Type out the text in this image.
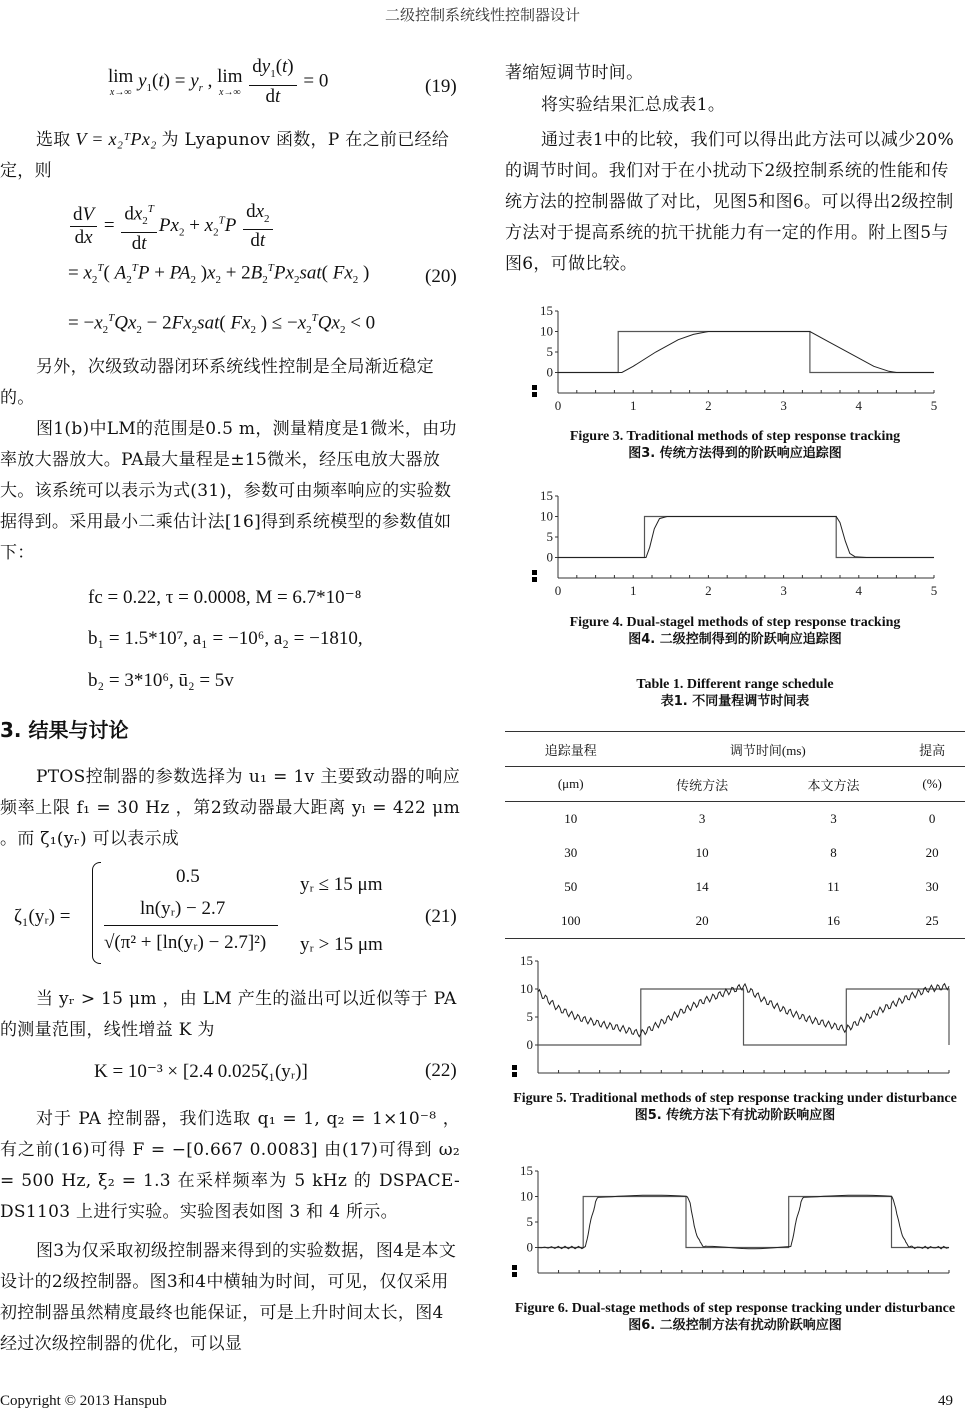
二级控制系统线性控制器设计
lim
x→∞
$y_1(t) = y_r$ , lim
x→∞
$\frac{dy_1(t)}{dt} = 0$	(19)
选取 V = x₂ᵀPx₂ 为 Lyapunov 函数，P 在之前已经给定，则
$\frac{dV}{dx} = \frac{dx_2^T}{dt} Px_2 + x_2^TP \frac{dx_2}{dt}$
= $x_2^T$( $A_2^TP + PA_2$ )$x_2 + 2B_2^TPx_2sat$( $Fx_2$ )	(20)
= $-x_2^TQx_2 - 2Fx_2sat$( $Fx_2$ ) ≤ $-x_2^TQx_2 < 0$
另外，次级致动器闭环系统线性控制是全局渐近稳定的。
图1(b)中LM的范围是0.5 m，测量精度是1微米，由功率放大器放大。PA最大量程是±15微米，经压电放大器放大。该系统可以表示为式(31)，参数可由频率响应的实验数据得到。采用最小二乘估计法[16]得到系统模型的参数值如下：
fc = 0.22, τ = 0.0008, M = 6.7*10⁻⁸
b₁ = 1.5*10⁷, a₁ = −10⁶, a₂ = −1810,
b₂ = 3*10⁶, ū₂ = 5v
3. 结果与讨论
PTOS控制器的参数选择为 u₁ = 1v 主要致动器的响应频率上限 f₁ = 30 Hz ，第2致动器最大距离 yₗ = 422 μm 。而 ζ₁(yᵣ) 可以表示成
ζ₁(yᵣ) =
0.5	yᵣ ≤ 15 μm
ln(yᵣ) − 2.7
√(π² + [ln(yᵣ) − 2.7]²) yᵣ > 15 μm
(21)
当 yᵣ > 15 μm ，由 LM 产生的溢出可以近似等于 PA 的测量范围，线性增益 K 为
K = 10⁻³ × [2.4 0.025ζ₁(yᵣ)]	(22)
对于 PA 控制器，我们选取 q₁ = 1, q₂ = 1×10⁻⁸ ，有之前(16)可得 F = −[0.667 0.0083] 由(17)可得到 ω₂ = 500 Hz, ξ₂ = 1.3 在采样频率为 5 kHz 的 DSPACE-DS1103 上进行实验。实验图表如图 3 和 4 所示。
图3为仅采取初级控制器来得到的实验数据，图4是本文设计的2级控制器。图3和4中横轴为时间，可见，仅仅采用初控制器虽然精度最终也能保证，可是上升时间太长，图4经过次级控制器的优化，可以显
著缩短调节时间。
将实验结果汇总成表1。
通过表1中的比较，我们可以得出此方法可以减少20%的调节时间。我们对于在小扰动下2级控制系统的性能和传统方法的控制器做了对比，见图5和图6。可以得出2级控制方法对于提高系统的抗干扰能力有一定的作用。附上图5与图6，可做比较。
0
5
10
15
0	1	2	3	4	5
Figure 3. Traditional methods of step response tracking
图3. 传统方法得到的阶跃响应追踪图
0
5
10
15
0	1	2	3	4	5
Figure 4. Dual-stagel methods of step response tracking
图4. 二级控制得到的阶跃响应追踪图
Table 1. Different range schedule
表1. 不同量程调节时间表
追踪量程	调节时间(ms)		提高
(μm)	传统方法	本文方法	(%)
10	3	3	0
30	10	8	20
50	14	11	30
100	20	16	25
0
5
10
15
Figure 5. Traditional methods of step response tracking under disturbance
图5. 传统方法下有扰动阶跃响应图
0
5
10
15
Figure 6. Dual-stage methods of step response tracking under disturbance
图6. 二级控制方法有扰动阶跃响应图
Copyright © 2013 Hanspub	49
